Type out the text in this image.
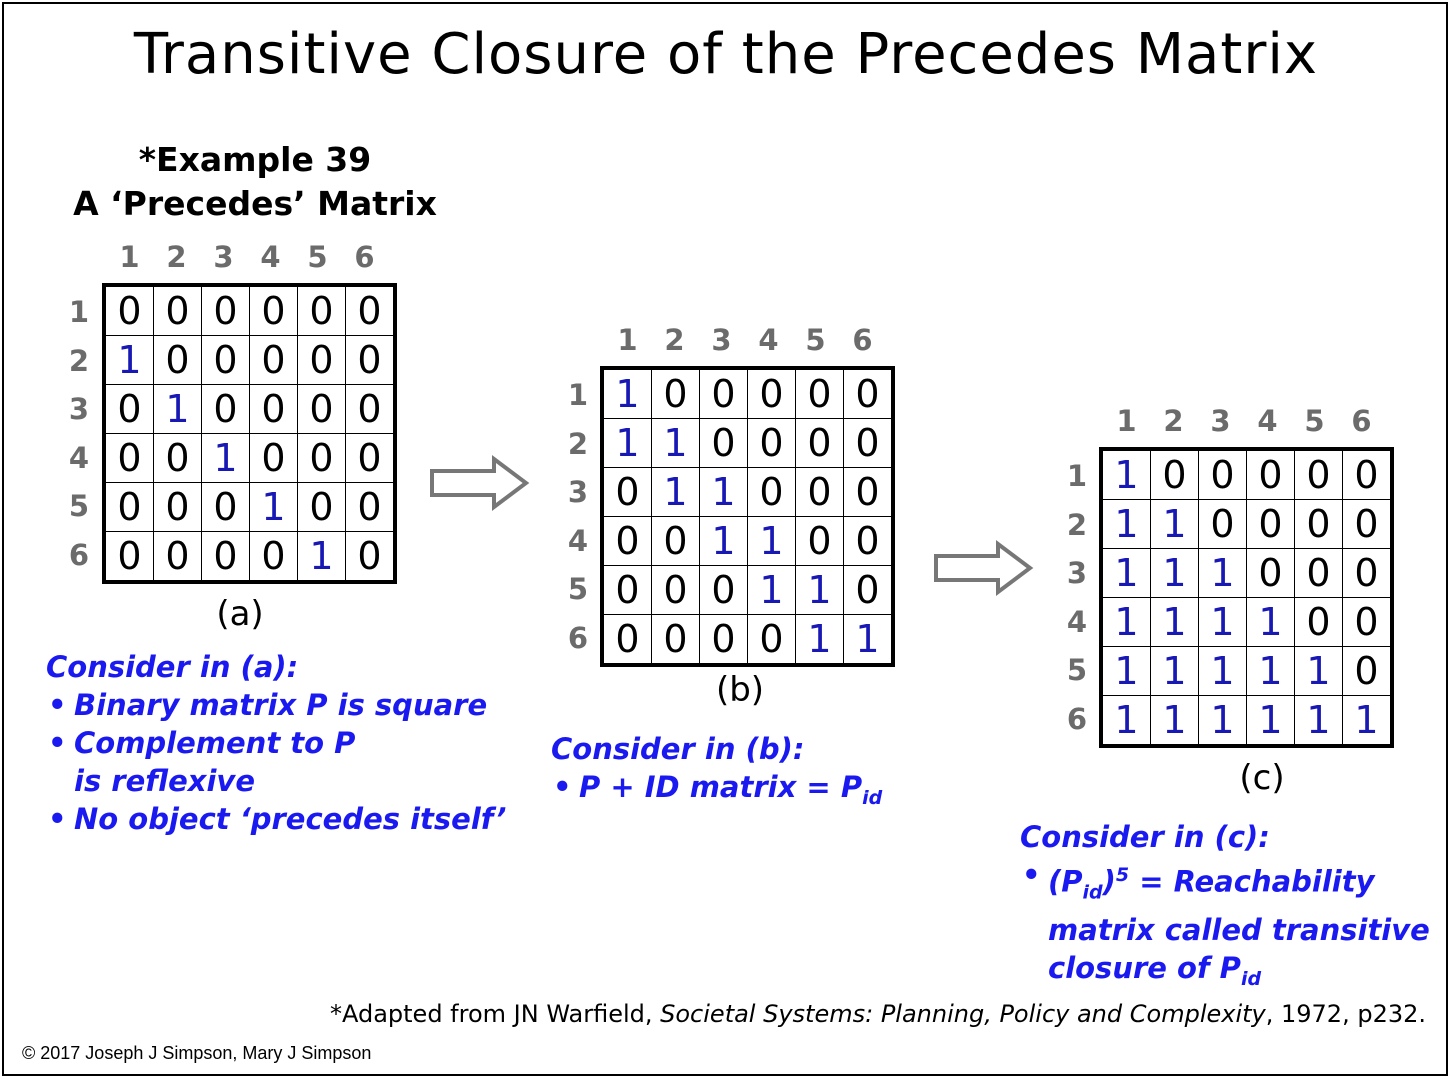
Transitive Closure of the Precedes Matrix
*Example 39
A ‘Precedes’ Matrix
1 2 3 4 5 6
1
2
3
4
5
6
0	0	0	0	0	0
1	0	0	0	0	0
0	1	0	0	0	0
0	0	1	0	0	0
0	0	0	1	0	0
0	0	0	0	1	0
(a)
1 2 3 4 5 6
1
2
3
4
5
6
1	0	0	0	0	0
1	1	0	0	0	0
0	1	1	0	0	0
0	0	1	1	0	0
0	0	0	1	1	0
0	0	0	0	1	1
(b)
1 2 3 4 5 6
1
2
3
4
5
6
1	0	0	0	0	0
1	1	0	0	0	0
1	1	1	0	0	0
1	1	1	1	0	0
1	1	1	1	1	0
1	1	1	1	1	1
(c)
Consider in (a):
• Binary matrix P is square
• Complement to P is reflexive
• No object ‘precedes itself’
Consider in (b):
• P + ID matrix = $P_{id}$
Consider in (c):
• $(P_{id})^5$ = Reachability matrix called transitive closure of $P_{id}$
*Adapted from JN Warfield, Societal Systems: Planning, Policy and Complexity, 1972, p232.
© 2017 Joseph J Simpson, Mary J Simpson
